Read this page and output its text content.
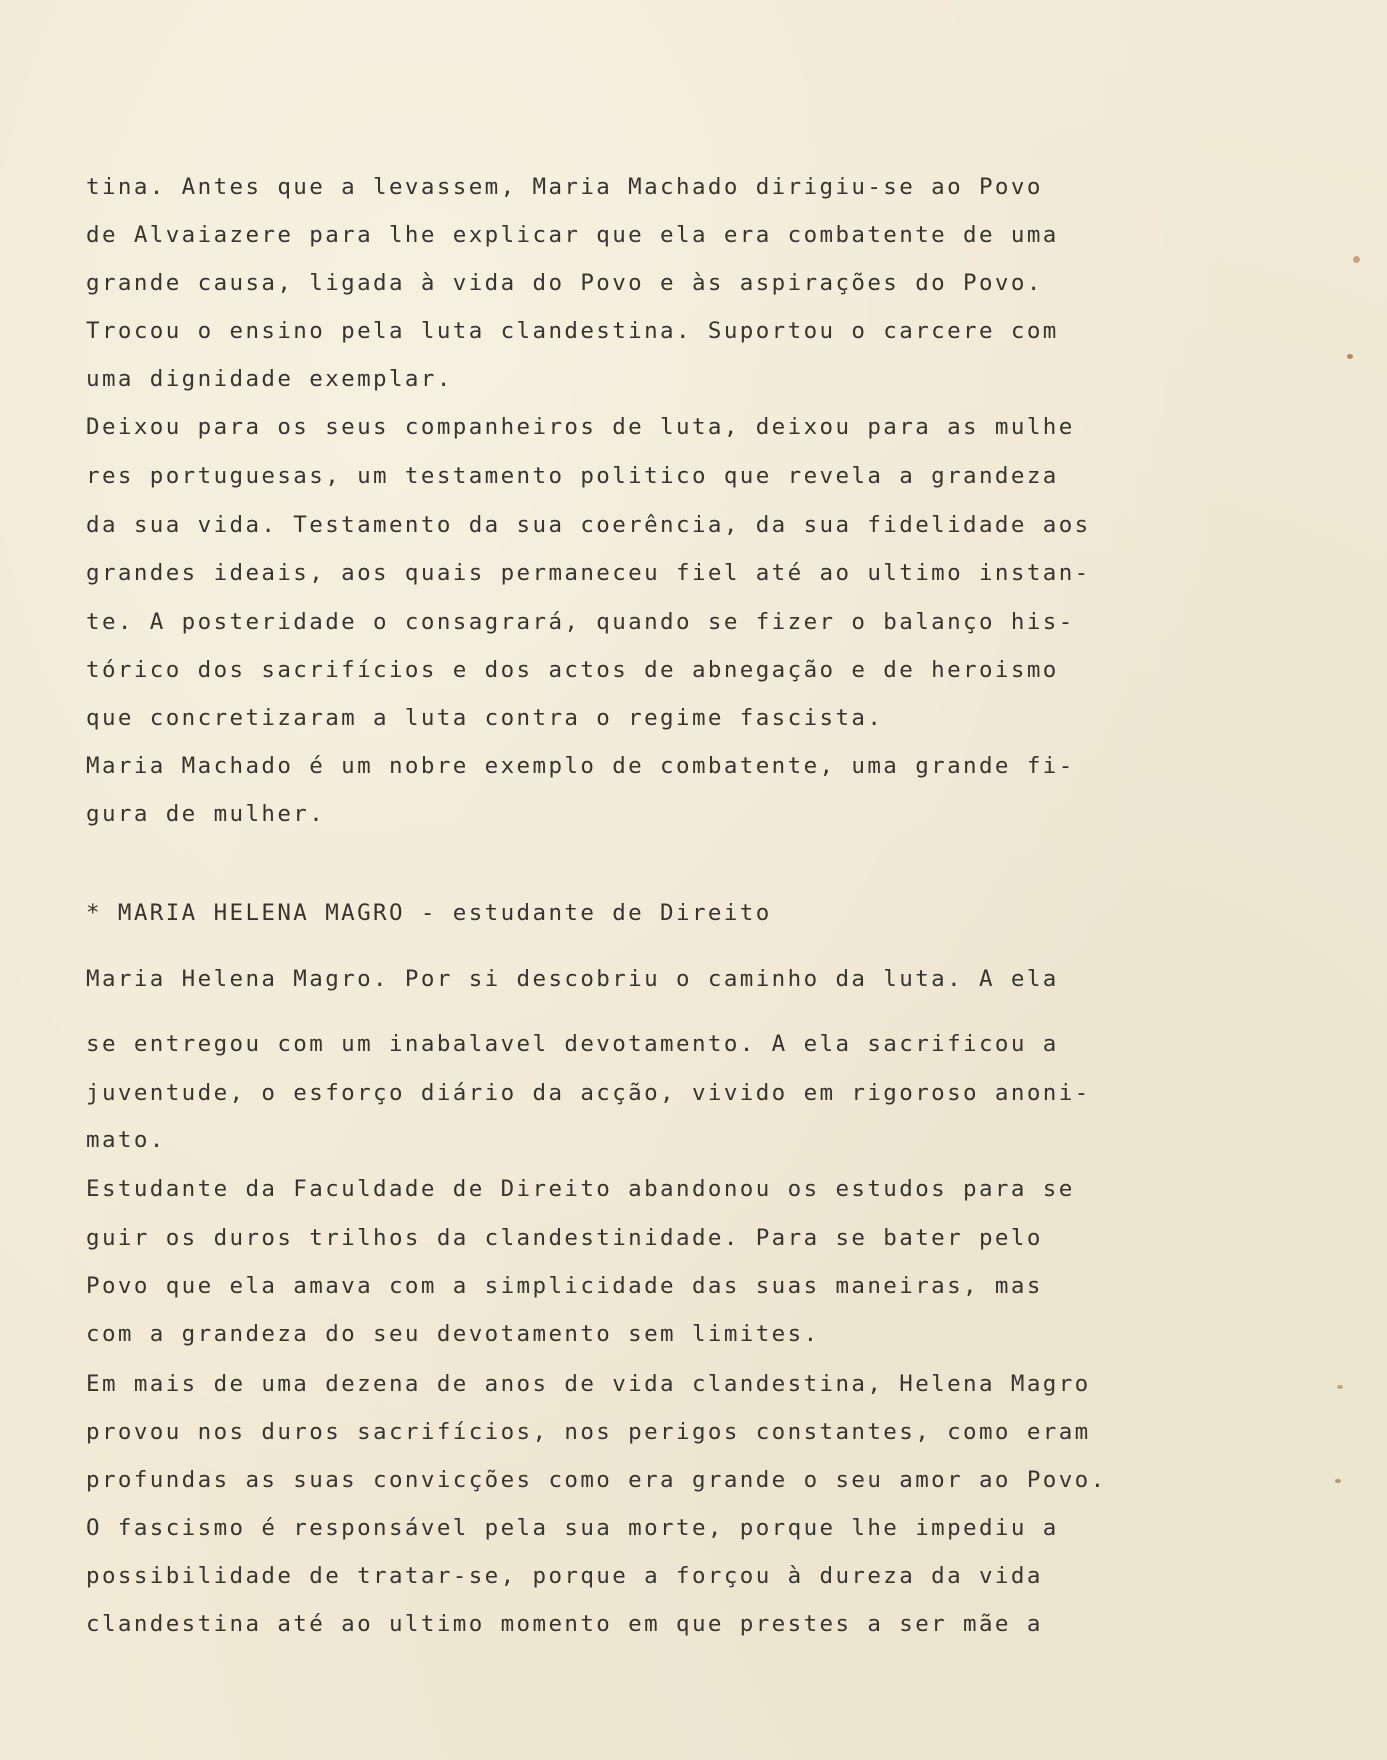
tina. Antes que a levassem, Maria Machado dirigiu-se ao Povo

de Alvaiazere para lhe explicar que ela era combatente de uma

grande causa, ligada à vida do Povo e às aspirações do Povo.

Trocou o ensino pela luta clandestina. Suportou o carcere com

uma dignidade exemplar.

Deixou para os seus companheiros de luta, deixou para as mulhe

res portuguesas, um testamento politico que revela a grandeza

da sua vida. Testamento da sua coerência, da sua fidelidade aos

grandes ideais, aos quais permaneceu fiel até ao ultimo instan-

te. A posteridade o consagrará, quando se fizer o balanço his-

tórico dos sacrifícios e dos actos de abnegação e de heroismo

que concretizaram a luta contra o regime fascista.

Maria Machado é um nobre exemplo de combatente, uma grande fi-

gura de mulher.

* MARIA HELENA MAGRO - estudante de Direito

Maria Helena Magro. Por si descobriu o caminho da luta. A ela

se entregou com um inabalavel devotamento. A ela sacrificou a

juventude, o esforço diário da acção, vivido em rigoroso anoni-

mato.

Estudante da Faculdade de Direito abandonou os estudos para se

guir os duros trilhos da clandestinidade. Para se bater pelo

Povo que ela amava com a simplicidade das suas maneiras, mas

com a grandeza do seu devotamento sem limites.

Em mais de uma dezena de anos de vida clandestina, Helena Magro

provou nos duros sacrifícios, nos perigos constantes, como eram

profundas as suas convicções como era grande o seu amor ao Povo.

O fascismo é responsável pela sua morte, porque lhe impediu a

possibilidade de tratar-se, porque a forçou à dureza da vida

clandestina até ao ultimo momento em que prestes a ser mãe a
